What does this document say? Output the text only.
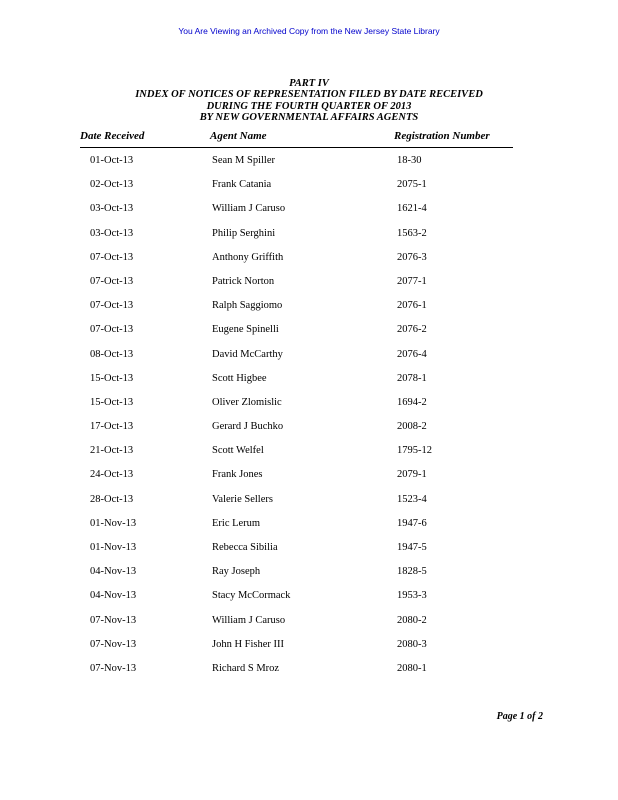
You Are Viewing an Archived Copy from the New Jersey State Library
PART IV
INDEX OF NOTICES OF REPRESENTATION FILED BY DATE RECEIVED
DURING THE FOURTH QUARTER OF 2013
BY NEW GOVERNMENTAL AFFAIRS AGENTS
Date Received	Agent Name	Registration Number
01-Oct-13	Sean M Spiller	18-30
02-Oct-13	Frank Catania	2075-1
03-Oct-13	William J Caruso	1621-4
03-Oct-13	Philip Serghini	1563-2
07-Oct-13	Anthony Griffith	2076-3
07-Oct-13	Patrick Norton	2077-1
07-Oct-13	Ralph Saggiomo	2076-1
07-Oct-13	Eugene Spinelli	2076-2
08-Oct-13	David McCarthy	2076-4
15-Oct-13	Scott Higbee	2078-1
15-Oct-13	Oliver Zlomislic	1694-2
17-Oct-13	Gerard J Buchko	2008-2
21-Oct-13	Scott Welfel	1795-12
24-Oct-13	Frank Jones	2079-1
28-Oct-13	Valerie Sellers	1523-4
01-Nov-13	Eric Lerum	1947-6
01-Nov-13	Rebecca Sibilia	1947-5
04-Nov-13	Ray Joseph	1828-5
04-Nov-13	Stacy McCormack	1953-3
07-Nov-13	William J Caruso	2080-2
07-Nov-13	John H Fisher III	2080-3
07-Nov-13	Richard S Mroz	2080-1
Page 1 of 2
